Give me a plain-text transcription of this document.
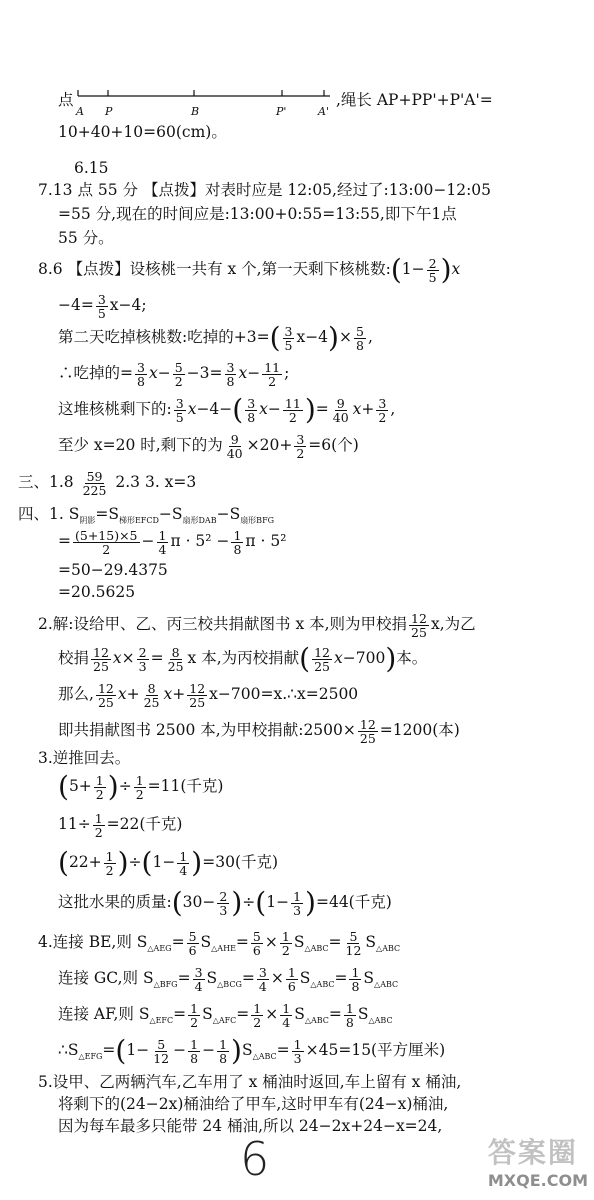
点
A P	B	P'	A'
,绳长 AP+PP'+P'A'=
10+40+10=60(cm)。
6.15
7.13 点 55 分 【点拨】对表时应是 12:05,经过了:13:00−12:05
=55 分,现在的时间应是:13:00+0:55=13:55,即下午1点
55 分。
8.6 【点拨】设核桃一共有 x 个,第一天剩下核桃数:(1− $\frac{2}{5} )x$
$-4= \frac{3}{5} x-4$;
第二天吃掉核桃数:吃掉的$+3=( \frac{3}{5} x-4)\times \frac{5}{8}$ ,
∴吃掉的= $\frac{3}{8} x- \frac{5}{2} -3= \frac{3}{8} x- \frac{11}{2}$ ;
这堆核桃剩下的: $\frac{3}{5} x-4-( \frac{3}{8} x- \frac{11}{2}$ )= $\frac{9}{40} x+ \frac{3}{2}$ ,
至少 x=20 时,剩下的为 $\frac{9}{40} \times 20+ \frac{3}{2} =6$(个)
三、$1.8 \frac{59}{225} 2.3$ 3. x=3
四、1. $S_{阴影}=S_{梯形EFCD}-S_{扇形DAB}-S_{扇形BFG}$
= $\frac{(5+15)\times 5}{2} - \frac{1}{4}$ $\pi \cdot 5^2 - \frac{1}{8}$ π · 5²
=50−29.4375
=20.5625
2.解:设给甲、乙、丙三校共捐献图书 x 本,则为甲校捐 $\frac{12}{25} x$,为乙
校捐 $\frac{12}{25} x\times \frac{2}{3} = \frac{8}{25}$ x 本,为丙校捐献( $\frac{12}{25} x-700$)本。
那么, $\frac{12}{25} x+ \frac{8}{25} x+ \frac{12}{25}$ x−700=x.∴x=2500
即共捐献图书 2500 本,为甲校捐献:2500× $\frac{12}{25} =1200$(本)
3.逆推回去。
($5+ \frac{1}{2}$ )÷ $\frac{1}{2} =11$(千克)
$11\div \frac{1}{2} =22$(千克)
$(22+ \frac{1}{2} )\div(1- \frac{1}{4} )=30$(千克)
这批水果的质量:(30− $\frac{2}{3} )\div(1- \frac{1}{3} )=44$(千克)
4.连接 BE,则 $S_{\triangle AEG}= \frac{5}{6} S_{\triangle AHE}= \frac{5}{6} \times \frac{1}{2} S_{\triangle ABC}= \frac{5}{12} S_{\triangle ABC}$
连接 GC,则 $S_{\triangle BFG}= \frac{3}{4} S_{\triangle BCG}= \frac{3}{4} \times \frac{1}{6} S_{\triangle ABC}= \frac{1}{8} S_{\triangle ABC}$
连接 AF,则 $S_{\triangle EFC}= \frac{1}{2} S_{\triangle AFC}= \frac{1}{2} \times \frac{1}{4} S_{\triangle ABC}= \frac{1}{8} S_{\triangle ABC}$
$\therefore S_{\triangle EFG}=(1- \frac{5}{12} - \frac{1}{8} - \frac{1}{8} )S_{\triangle ABC}= \frac{1}{3} \times 45=15$(平方厘米)
5.设甲、乙两辆汽车,乙车用了 x 桶油时返回,车上留有 x 桶油,
将剩下的(24−2x)桶油给了甲车,这时甲车有(24−x)桶油,
因为每车最多只能带 24 桶油,所以 24−2x+24−x=24,
6	答案圈
MXQE.COM
